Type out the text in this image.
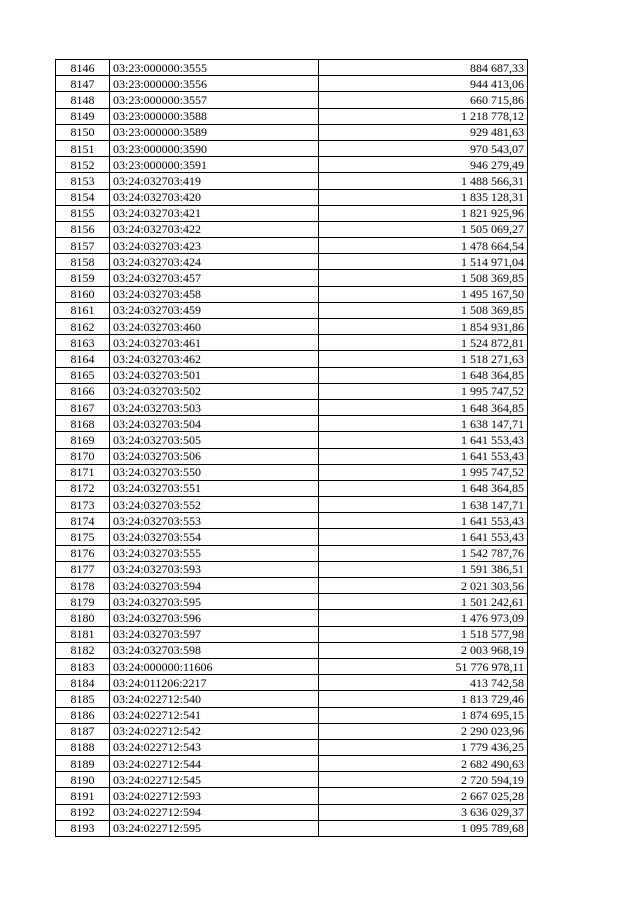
8146	03:23:000000:3555	884 687,33
8147	03:23:000000:3556	944 413,06
8148	03:23:000000:3557	660 715,86
8149	03:23:000000:3588	1 218 778,12
8150	03:23:000000:3589	929 481,63
8151	03:23:000000:3590	970 543,07
8152	03:23:000000:3591	946 279,49
8153	03:24:032703:419	1 488 566,31
8154	03:24:032703:420	1 835 128,31
8155	03:24:032703:421	1 821 925,96
8156	03:24:032703:422	1 505 069,27
8157	03:24:032703:423	1 478 664,54
8158	03:24:032703:424	1 514 971,04
8159	03:24:032703:457	1 508 369,85
8160	03:24:032703:458	1 495 167,50
8161	03:24:032703:459	1 508 369,85
8162	03:24:032703:460	1 854 931,86
8163	03:24:032703:461	1 524 872,81
8164	03:24:032703:462	1 518 271,63
8165	03:24:032703:501	1 648 364,85
8166	03:24:032703:502	1 995 747,52
8167	03:24:032703:503	1 648 364,85
8168	03:24:032703:504	1 638 147,71
8169	03:24:032703:505	1 641 553,43
8170	03:24:032703:506	1 641 553,43
8171	03:24:032703:550	1 995 747,52
8172	03:24:032703:551	1 648 364,85
8173	03:24:032703:552	1 638 147,71
8174	03:24:032703:553	1 641 553,43
8175	03:24:032703:554	1 641 553,43
8176	03:24:032703:555	1 542 787,76
8177	03:24:032703:593	1 591 386,51
8178	03:24:032703:594	2 021 303,56
8179	03:24:032703:595	1 501 242,61
8180	03:24:032703:596	1 476 973,09
8181	03:24:032703:597	1 518 577,98
8182	03:24:032703:598	2 003 968,19
8183	03:24:000000:11606	51 776 978,11
8184	03:24:011206:2217	413 742,58
8185	03:24:022712:540	1 813 729,46
8186	03:24:022712:541	1 874 695,15
8187	03:24:022712:542	2 290 023,96
8188	03:24:022712:543	1 779 436,25
8189	03:24:022712:544	2 682 490,63
8190	03:24:022712:545	2 720 594,19
8191	03:24:022712:593	2 667 025,28
8192	03:24:022712:594	3 636 029,37
8193	03:24:022712:595	1 095 789,68
